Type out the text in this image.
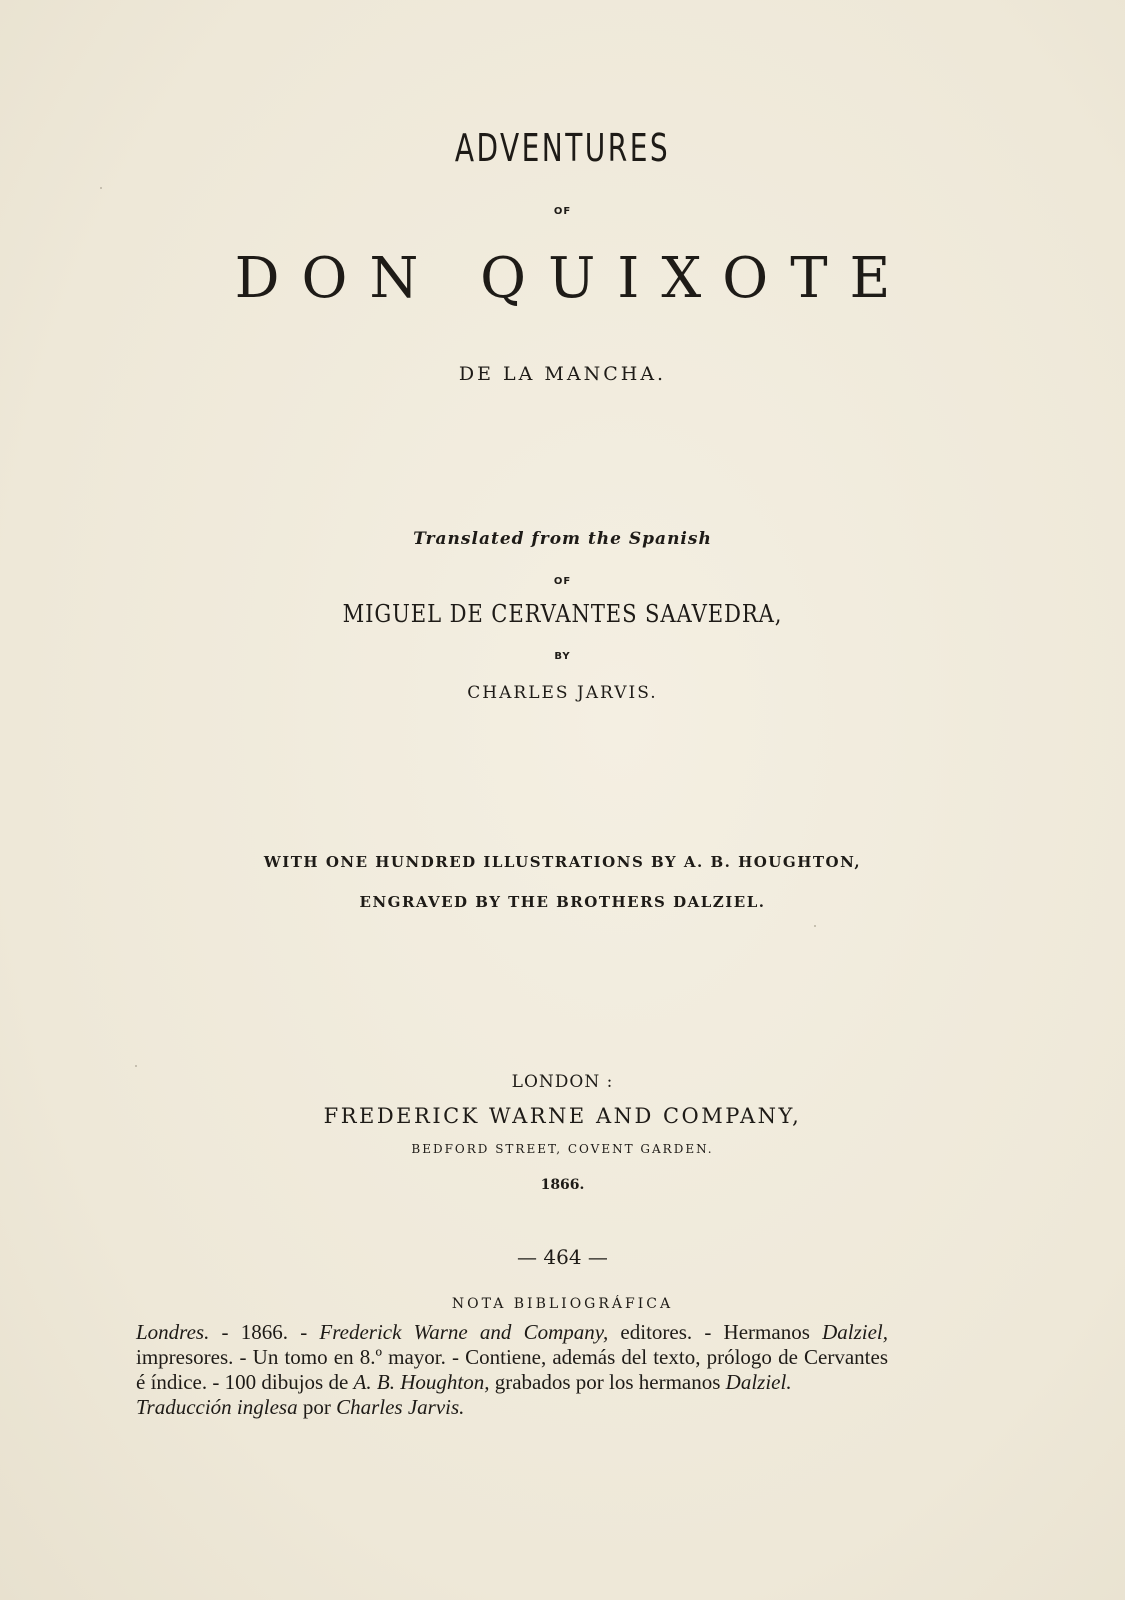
ADVENTURES
OF
DON QUIXOTE
DE LA MANCHA.
Translated from the Spanish
OF
MIGUEL DE CERVANTES SAAVEDRA,
BY
CHARLES JARVIS.
WITH ONE HUNDRED ILLUSTRATIONS BY A. B. HOUGHTON,
ENGRAVED BY THE BROTHERS DALZIEL.
LONDON :
FREDERICK WARNE AND COMPANY,
BEDFORD STREET, COVENT GARDEN.
1866.
— 464 —
NOTA BIBLIOGRÁFICA

Londres. - 1866. - Frederick Warne and Company, editores. - Hermanos Dalziel, impresores. - Un tomo en 8.º mayor. - Contiene, además del texto, prólogo de Cervantes é índice. - 100 dibujos de A. B. Houghton, grabados por los hermanos Dalziel.

Traducción inglesa por Charles Jarvis.
